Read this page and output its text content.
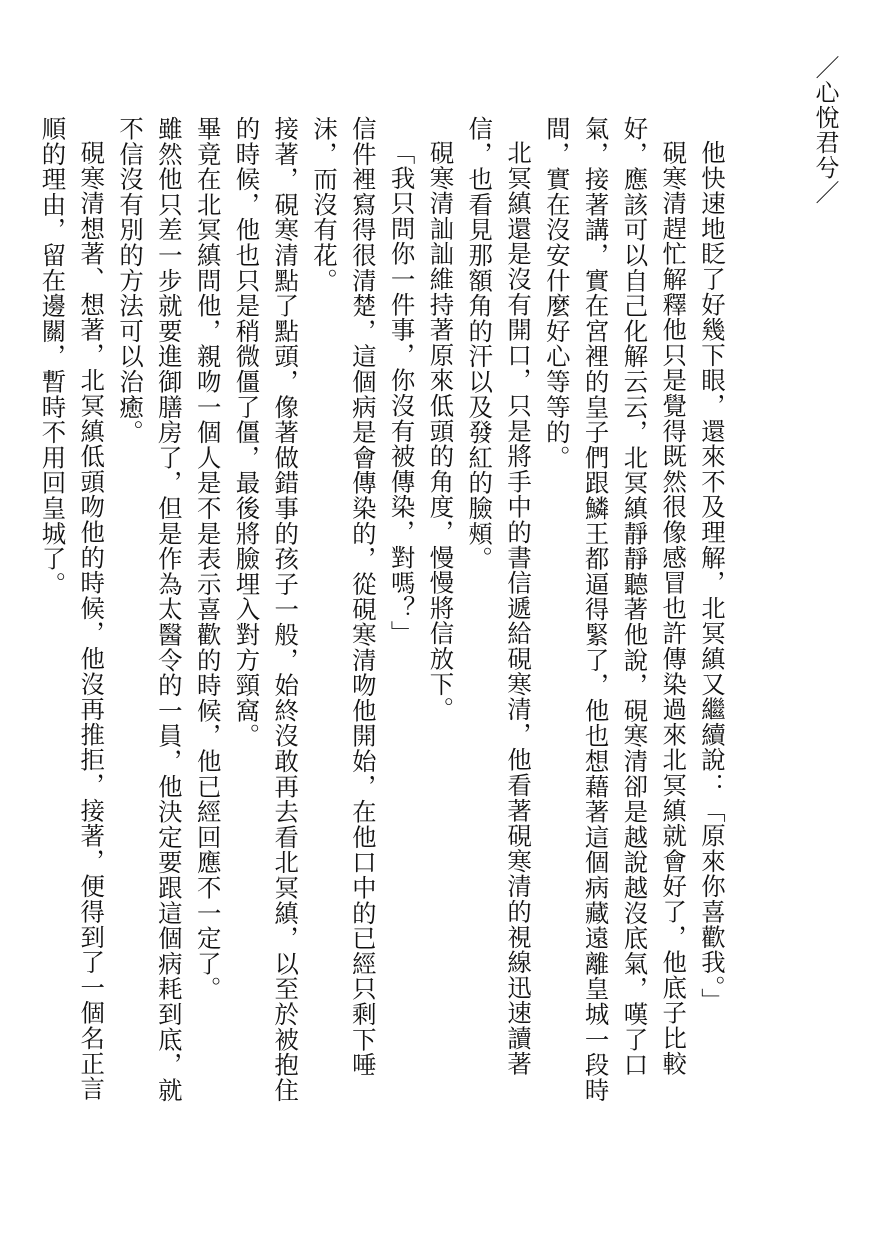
／心悅君兮／

他快速地眨了好幾下眼，還來不及理解，北冥縝又繼續說：「原來你喜歡我。」

硯寒清趕忙解釋他只是覺得既然很像感冒也許傳染過來北冥縝就會好了，他底子比較好，應該可以自己化解云云，北冥縝靜靜聽著他說，硯寒清卻是越說越沒底氣，嘆了口氣，接著講，實在宮裡的皇子們跟鱗王都逼得緊了，他也想藉著這個病藏遠離皇城一段時間，實在沒安什麼好心等等的。

北冥縝還是沒有開口，只是將手中的書信遞給硯寒清，他看著硯寒清的視線迅速讀著信，也看見那額角的汗以及發紅的臉頰。

硯寒清訕訕維持著原來低頭的角度，慢慢將信放下。

「我只問你一件事，你沒有被傳染，對嗎？」

信件裡寫得很清楚，這個病是會傳染的，從硯寒清吻他開始，在他口中的已經只剩下唾沫，而沒有花。

接著，硯寒清點了點頭，像著做錯事的孩子一般，始終沒敢再去看北冥縝，以至於被抱住的時候，他也只是稍微僵了僵，最後將臉埋入對方頸窩。

畢竟在北冥縝問他，親吻一個人是不是表示喜歡的時候，他已經回應不一定了。

雖然他只差一步就要進御膳房了，但是作為太醫令的一員，他決定要跟這個病耗到底，就不信沒有別的方法可以治癒。

硯寒清想著、想著，北冥縝低頭吻他的時候，他沒再推拒，接著，便得到了一個名正言順的理由，留在邊關，暫時不用回皇城了。
